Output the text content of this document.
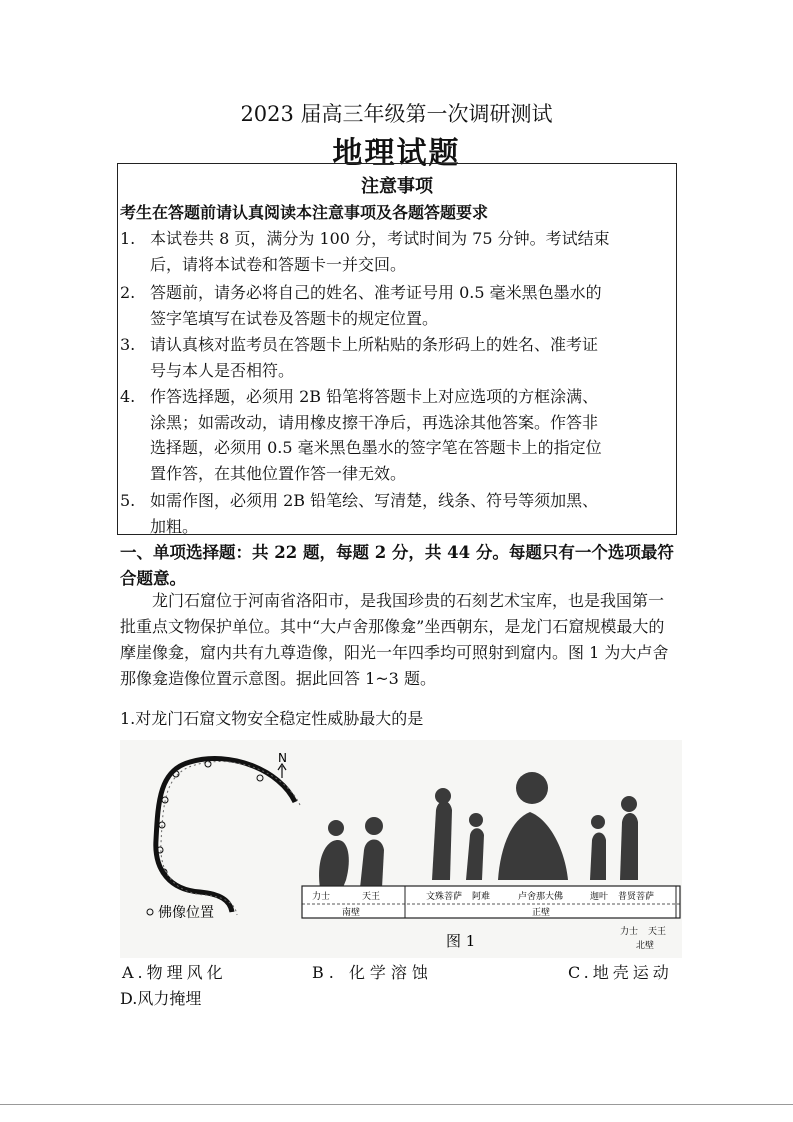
2023 届高三年级第一次调研测试
地理试题
注意事项
考生在答题前请认真阅读本注意事项及各题答题要求
1. 本试卷共 8 页，满分为 100 分，考试时间为 75 分钟。考试结束
后，请将本试卷和答题卡一并交回。
2. 答题前，请务必将自己的姓名、准考证号用 0.5 毫米黑色墨水的
签字笔填写在试卷及答题卡的规定位置。
3. 请认真核对监考员在答题卡上所粘贴的条形码上的姓名、准考证
号与本人是否相符。
4. 作答选择题，必须用 2B 铅笔将答题卡上对应选项的方框涂满、
涂黑；如需改动，请用橡皮擦干净后，再选涂其他答案。作答非
选择题，必须用 0.5 毫米黑色墨水的签字笔在答题卡上的指定位
置作答，在其他位置作答一律无效。
5. 如需作图，必须用 2B 铅笔绘、写清楚，线条、符号等须加黑、
加粗。
一、单项选择题：共 22 题，每题 2 分，共 44 分。每题只有一个选项最符合题意。
龙门石窟位于河南省洛阳市，是我国珍贵的石刻艺术宝库，也是我国第一批重点文物保护单位。其中“大卢舍那像龛”坐西朝东，是龙门石窟规模最大的摩崖像龛，窟内共有九尊造像，阳光一年四季均可照射到窟内。图 1 为大卢舍那像龛造像位置示意图。据此回答 1~3 题。
1.对龙门石窟文物安全稳定性威胁最大的是
N
佛像位置
力士	天王	文殊菩萨 阿难	卢舍那大佛	迦叶 普贤菩萨
南壁	正壁
力士 天王
北壁
图 1
A.物理风化	B. 化学溶蚀	C.地壳运动
D.风力掩埋
